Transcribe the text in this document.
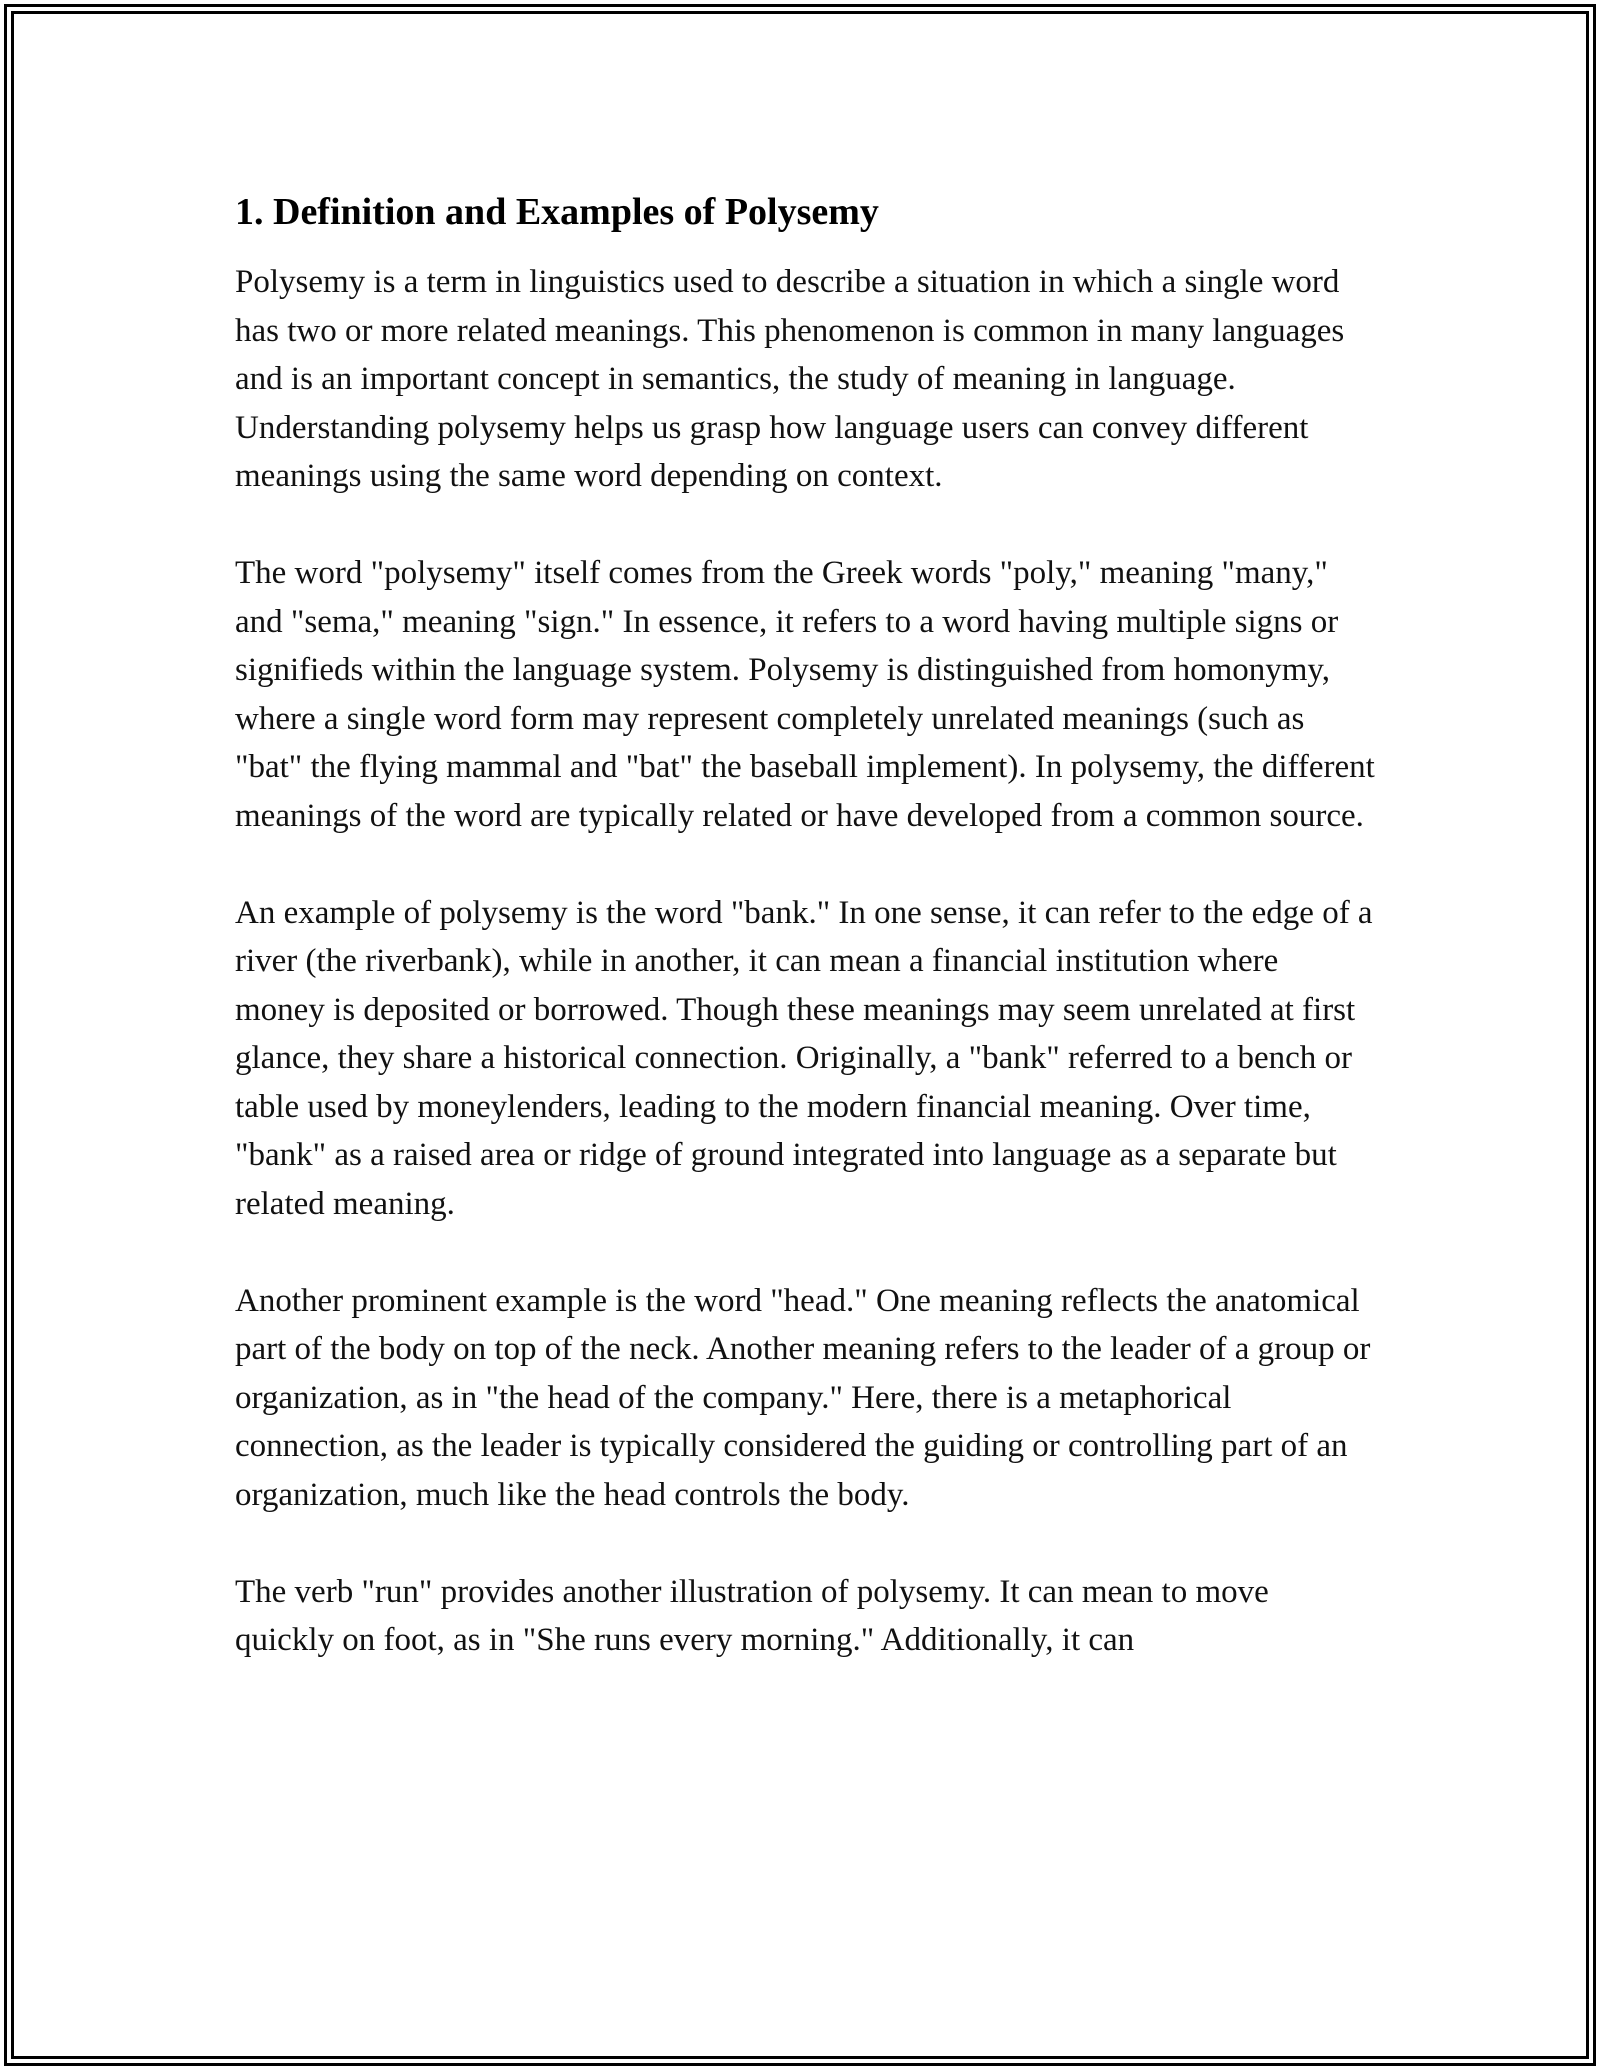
1. Definition and Examples of Polysemy

Polysemy is a term in linguistics used to describe a situation in which a single word has two or more related meanings. This phenomenon is common in many languages and is an important concept in semantics, the study of meaning in language. Understanding polysemy helps us grasp how language users can convey different meanings using the same word depending on context.

The word "polysemy" itself comes from the Greek words "poly," meaning "many," and "sema," meaning "sign." In essence, it refers to a word having multiple signs or signifieds within the language system. Polysemy is distinguished from homonymy, where a single word form may represent completely unrelated meanings (such as "bat" the flying mammal and "bat" the baseball implement). In polysemy, the different meanings of the word are typically related or have developed from a common source.

An example of polysemy is the word "bank." In one sense, it can refer to the edge of a river (the riverbank), while in another, it can mean a financial institution where money is deposited or borrowed. Though these meanings may seem unrelated at first glance, they share a historical connection. Originally, a "bank" referred to a bench or table used by moneylenders, leading to the modern financial meaning. Over time, "bank" as a raised area or ridge of ground integrated into language as a separate but related meaning.

Another prominent example is the word "head." One meaning reflects the anatomical part of the body on top of the neck. Another meaning refers to the leader of a group or organization, as in "the head of the company." Here, there is a metaphorical connection, as the leader is typically considered the guiding or controlling part of an organization, much like the head controls the body.

The verb "run" provides another illustration of polysemy. It can mean to move quickly on foot, as in "She runs every morning." Additionally, it can
